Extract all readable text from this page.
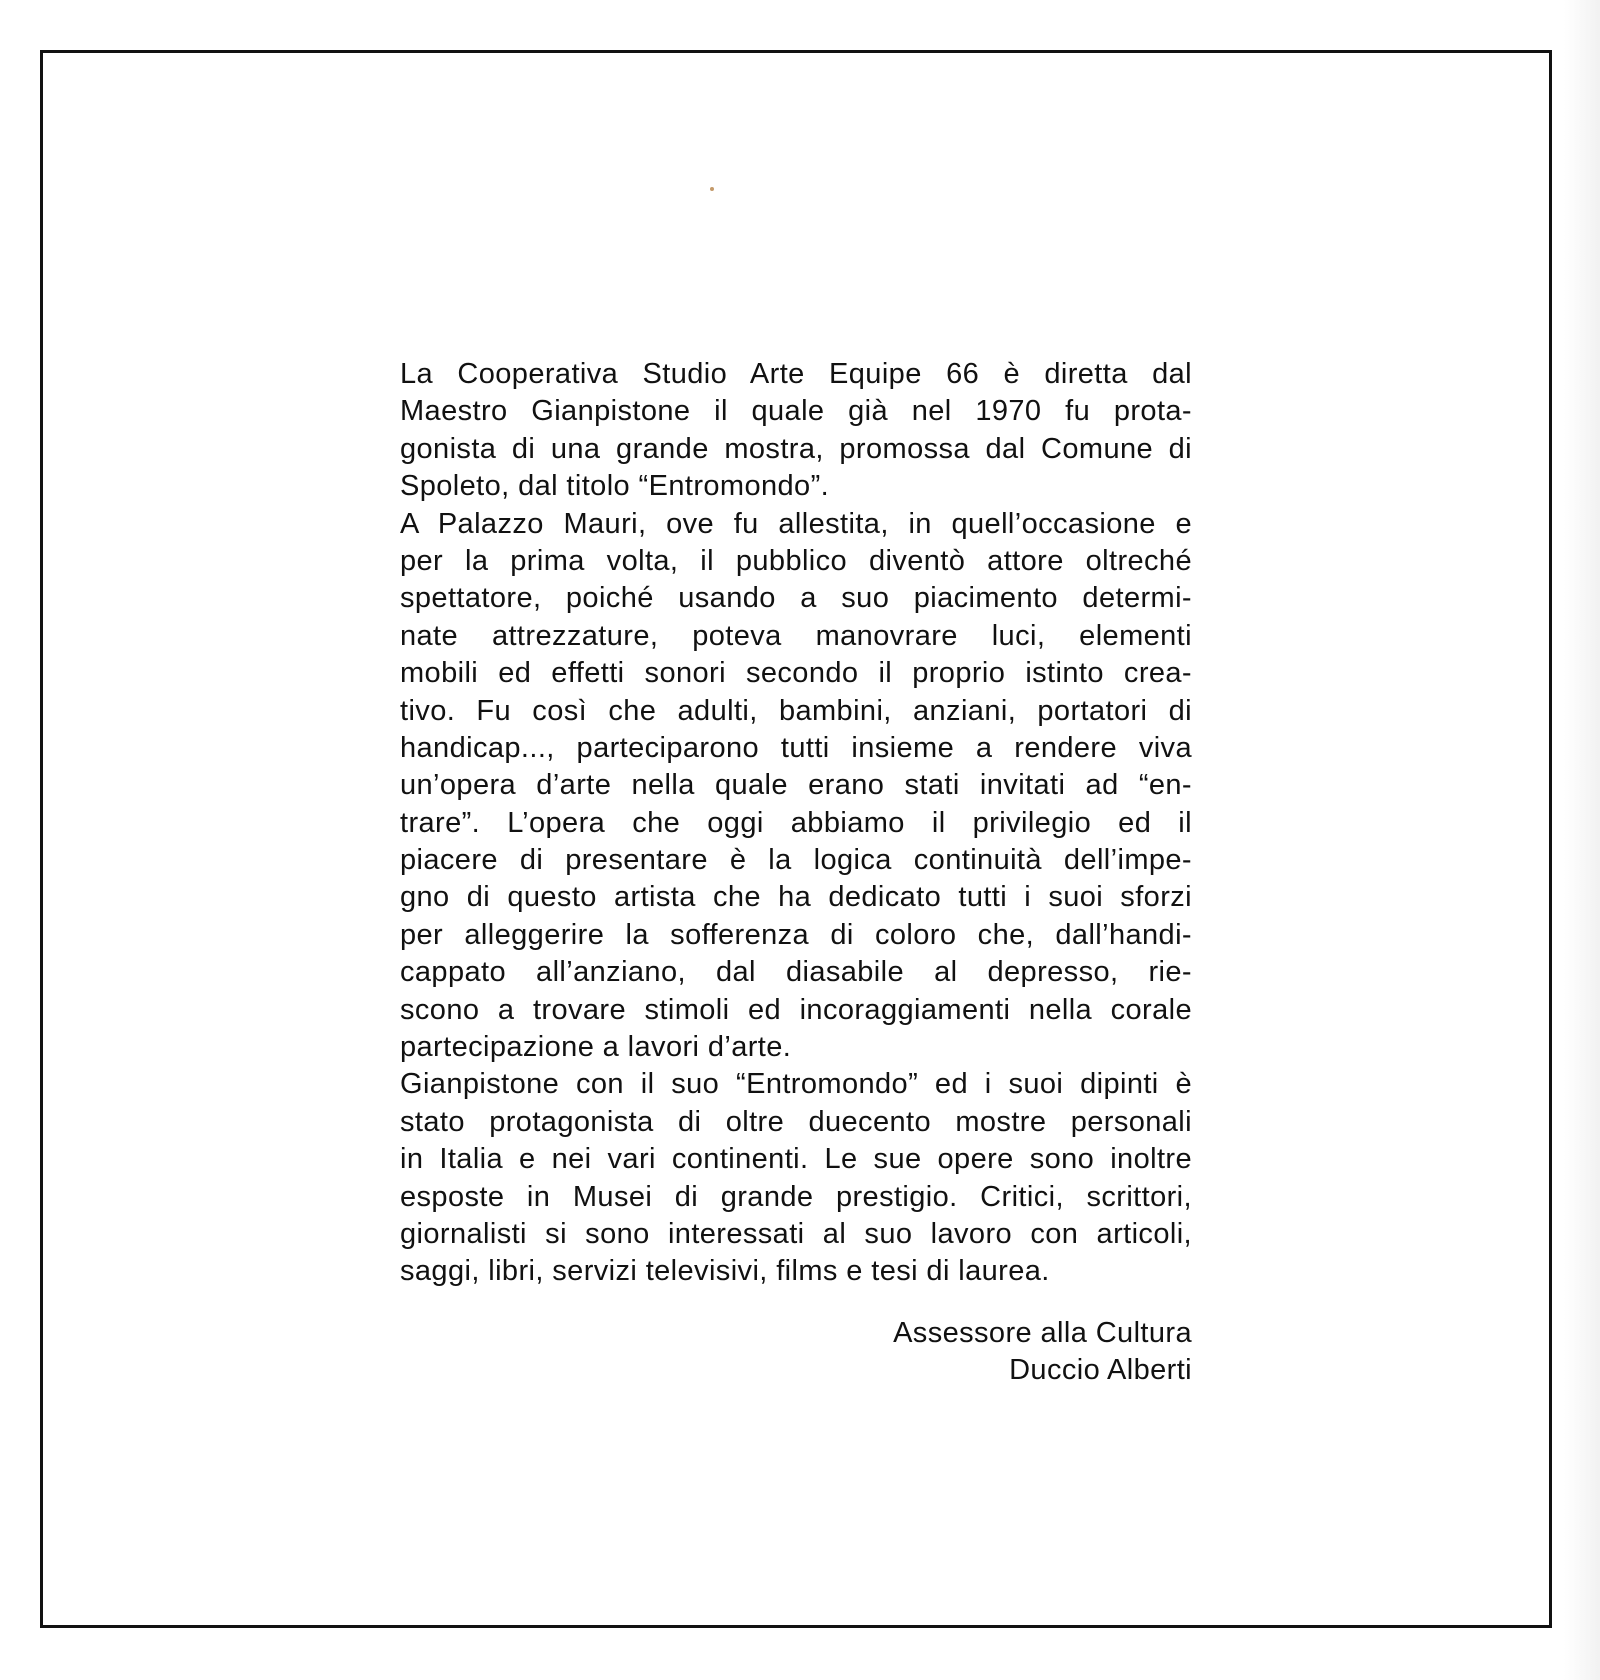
La Cooperativa Studio Arte Equipe 66 è diretta dal
Maestro Gianpistone il quale già nel 1970 fu prota-
gonista di una grande mostra, promossa dal Comune di
Spoleto, dal titolo “Entromondo”.
A Palazzo Mauri, ove fu allestita, in quell’occasione e
per la prima volta, il pubblico diventò attore oltreché
spettatore, poiché usando a suo piacimento determi-
nate attrezzature, poteva manovrare luci, elementi
mobili ed effetti sonori secondo il proprio istinto crea-
tivo. Fu così che adulti, bambini, anziani, portatori di
handicap..., parteciparono tutti insieme a rendere viva
un’opera d’arte nella quale erano stati invitati ad “en-
trare”. L’opera che oggi abbiamo il privilegio ed il
piacere di presentare è la logica continuità dell’impe-
gno di questo artista che ha dedicato tutti i suoi sforzi
per alleggerire la sofferenza di coloro che, dall’handi-
cappato all’anziano, dal diasabile al depresso, rie-
scono a trovare stimoli ed incoraggiamenti nella corale
partecipazione a lavori d’arte.
Gianpistone con il suo “Entromondo” ed i suoi dipinti è
stato protagonista di oltre duecento mostre personali
in Italia e nei vari continenti. Le sue opere sono inoltre
esposte in Musei di grande prestigio. Critici, scrittori,
giornalisti si sono interessati al suo lavoro con articoli,
saggi, libri, servizi televisivi, films e tesi di laurea.
Assessore alla Cultura
Duccio Alberti
